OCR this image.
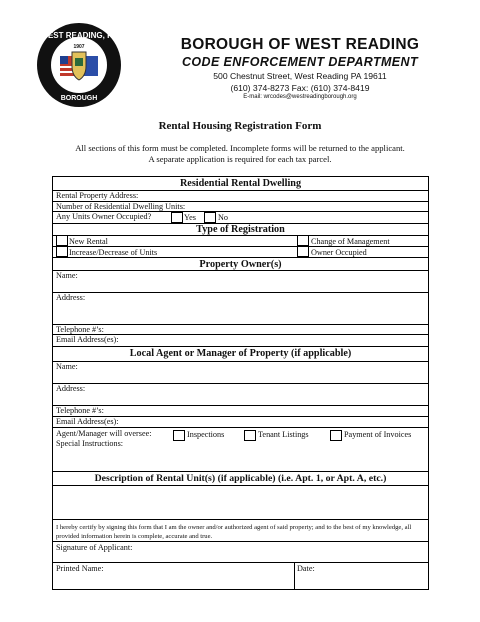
WEST READING, PA
1907
BOROUGH
BOROUGH OF WEST READING
CODE ENFORCEMENT DEPARTMENT
500 Chestnut Street, West Reading PA 19611
(610) 374-8273 Fax: (610) 374-8419
E-mail: wrcodes@westreadingborough.org
Rental Housing Registration Form
All sections of this form must be completed. Incomplete forms will be returned to the applicant.
A separate application is required for each tax parcel.
Residential Rental Dwelling
Rental Property Address:
Number of Residential Dwelling Units:
Any Units Owner Occupied?	Yes	No
Type of Registration
New Rental	Change of Management
Increase/Decrease of Units	Owner Occupied
Property Owner(s)
Name:
Address:
Telephone #’s:
Email Address(es):
Local Agent or Manager of Property (if applicable)
Name:
Address:
Telephone #’s:
Email Address(es):
Agent/Manager will oversee:	Inspections	Tenant Listings	Payment of Invoices
Special Instructions:
Description of Rental Unit(s) (if applicable) (i.e. Apt. 1, or Apt. A, etc.)
I hereby certify by signing this form that I am the owner and/or authorized agent of said property; and to the best of my knowledge, all provided information herein is complete, accurate and true.
Signature of Applicant:
Printed Name:	Date:
